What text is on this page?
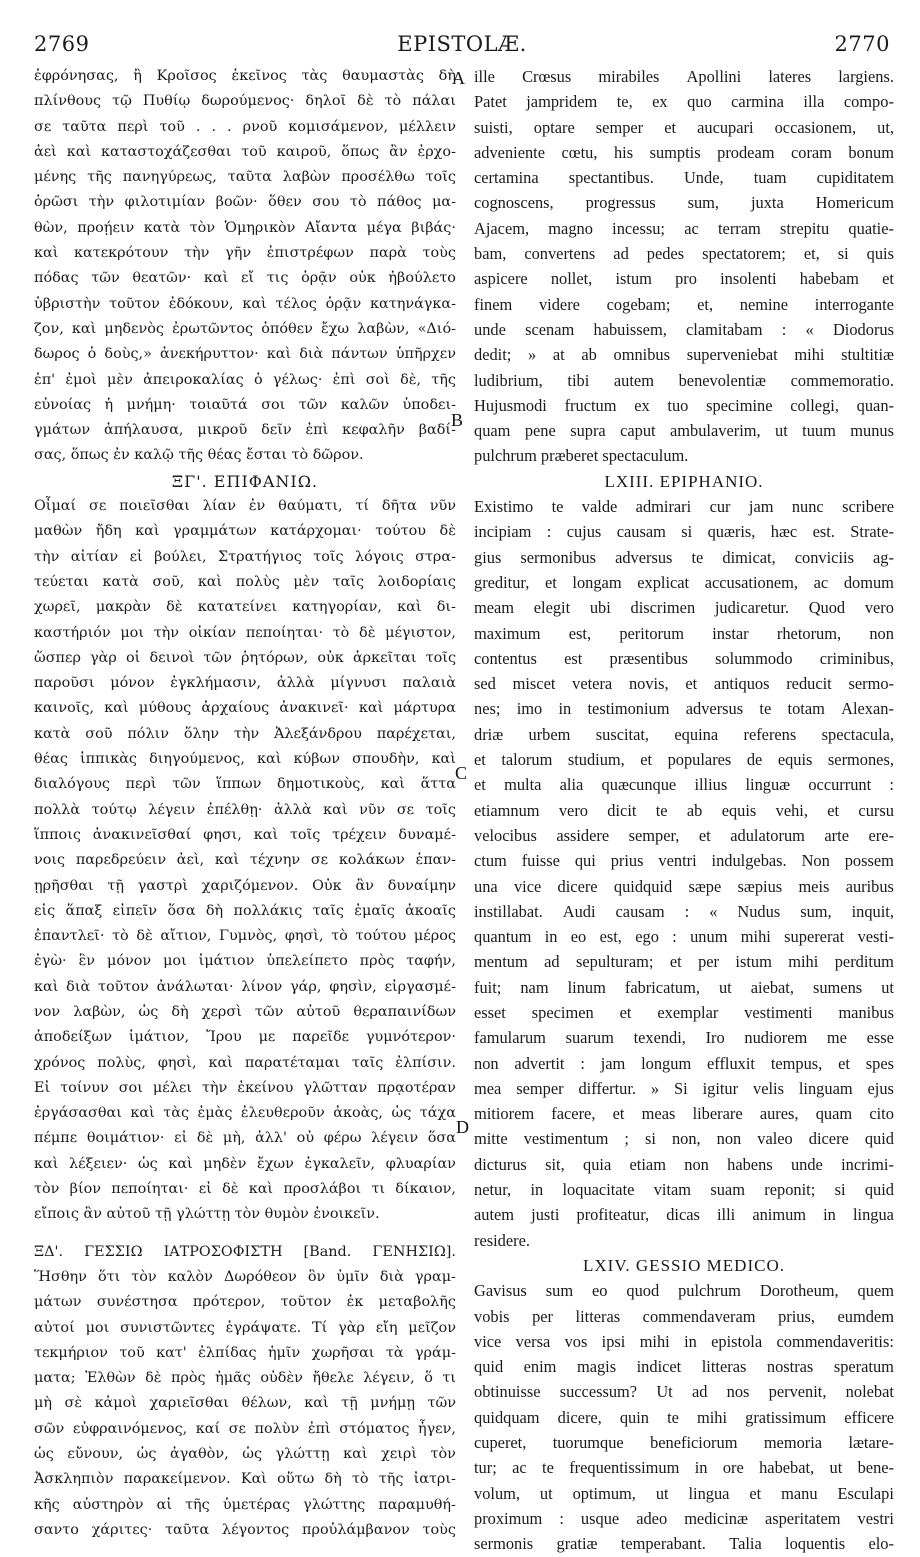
2769	EPISTOLÆ.	2770
ἐφρόνησας, ἢ Κροῖσος ἐκεῖνος τὰς θαυμαστὰς δὴ
πλίνθους τῷ Πυθίῳ δωρούμενος· δηλοῖ δὲ τὸ πάλαι
σε ταῦτα περὶ τοῦ . . . ρνοῦ κομισάμενον, μέλλειν
ἀεὶ καὶ καταστοχάζεσθαι τοῦ καιροῦ, ὅπως ἂν ἐρχο-
μένης τῆς πανηγύρεως, ταῦτα λαβὼν προσέλθω τοῖς
ὁρῶσι τὴν φιλοτιμίαν βοῶν· ὅθεν σου τὸ πάθος μα-
θὼν, προῄειν κατὰ τὸν Ὁμηρικὸν Αἴαντα μέγα βιβάς·
καὶ κατεκρότουν τὴν γῆν ἐπιστρέφων παρὰ τοὺς
πόδας τῶν θεατῶν· καὶ εἴ τις ὁρᾷν οὐκ ἠβούλετο
ὑβριστὴν τοῦτον ἐδόκουν, καὶ τέλος ὁρᾷν κατηνάγκα-
ζον, καὶ μηδενὸς ἐρωτῶντος ὁπόθεν ἔχω λαβὼν, «Διό-
δωρος ὁ δοὺς,» ἀνεκήρυττον· καὶ διὰ πάντων ὑπῆρχεν
ἐπ' ἐμοὶ μὲν ἀπειροκαλίας ὁ γέλως· ἐπὶ σοὶ δὲ, τῆς
εὐνοίας ἡ μνήμη· τοιαῦτά σοι τῶν καλῶν ὑποδει-
γμάτων ἀπήλαυσα, μικροῦ δεῖν ἐπὶ κεφαλῆν βαδί-
σας, ὅπως ἐν καλῷ τῆς θέας ἔσται τὸ δῶρον.
ΞΓ'. ΕΠΙΦΑΝΙΩ.
Οἶμαί σε ποιεῖσθαι λίαν ἐν θαύματι, τί δῆτα νῦν
μαθὼν ἤδη καὶ γραμμάτων κατάρχομαι· τούτου δὲ
τὴν αἰτίαν εἰ βούλει, Στρατήγιος τοῖς λόγοις στρα-
τεύεται κατὰ σοῦ, καὶ πολὺς μὲν ταῖς λοιδορίαις
χωρεῖ, μακρὰν δὲ κατατείνει κατηγορίαν, καὶ δι-
καστήριόν μοι τὴν οἰκίαν πεποίηται· τὸ δὲ μέγιστον,
ὥσπερ γὰρ οἱ δεινοὶ τῶν ῥητόρων, οὐκ ἀρκεῖται τοῖς
παροῦσι μόνον ἐγκλήμασιν, ἀλλὰ μίγνυσι παλαιὰ
καινοῖς, καὶ μύθους ἀρχαίους ἀνακινεῖ· καὶ μάρτυρα
κατὰ σοῦ πόλιν ὅλην τὴν Ἀλεξάνδρου παρέχεται,
θέας ἱππικὰς διηγούμενος, καὶ κύβων σπουδὴν, καὶ
διαλόγους περὶ τῶν ἵππων δημοτικοὺς, καὶ ἅττα
πολλὰ τούτῳ λέγειν ἐπέλθῃ· ἀλλὰ καὶ νῦν σε τοῖς
ἵπποις ἀνακινεῖσθαί φησι, καὶ τοῖς τρέχειν δυναμέ-
νοις παρεδρεύειν ἀεὶ, καὶ τέχνην σε κολάκων ἐπαν-
ῃρῆσθαι τῇ γαστρὶ χαριζόμενον. Οὐκ ἂν δυναίμην
εἰς ἅπαξ εἰπεῖν ὅσα δὴ πολλάκις ταῖς ἐμαῖς ἀκοαῖς
ἐπαντλεῖ· τὸ δὲ αἴτιον, Γυμνὸς, φησὶ, τὸ τούτου μέρος
ἐγὼ· ἓν μόνον μοι ἱμάτιον ὑπελείπετο πρὸς ταφήν,
καὶ διὰ τοῦτον ἀνάλωται· λίνον γάρ, φησὶν, εἰργασμέ-
νον λαβὼν, ὡς δὴ χερσὶ τῶν αὐτοῦ θεραπαινίδων
ἀποδείξων ἱμάτιον, Ἴρου με παρεῖδε γυμνότερον·
χρόνος πολὺς, φησὶ, καὶ παρατέταμαι ταῖς ἐλπίσιν.
Εἰ τοίνυν σοι μέλει τὴν ἐκείνου γλῶτταν πρᾳοτέραν
ἐργάσασθαι καὶ τὰς ἐμὰς ἐλευθεροῦν ἀκοὰς, ὡς τάχα
πέμπε θοιμάτιον· εἰ δὲ μὴ, ἀλλ' οὐ φέρω λέγειν ὅσα
καὶ λέξειεν· ὡς καὶ μηδὲν ἔχων ἐγκαλεῖν, φλυαρίαν
τὸν βίον πεποίηται· εἰ δὲ καὶ προσλάβοι τι δίκαιον,
εἴποις ἂν αὐτοῦ τῇ γλώττῃ τὸν θυμὸν ἐνοικεῖν.
ΞΔ'. ΓΕΣΣΙΩ ΙΑΤΡΟΣΟΦΙΣΤΗ [Band. ΓΕΝΗΣΙΩ].
Ἥσθην ὅτι τὸν καλὸν Δωρόθεον ὃν ὑμῖν διὰ γραμ-
μάτων συνέστησα πρότερον, τοῦτον ἐκ μεταβολῆς
αὐτοί μοι συνιστῶντες ἐγράψατε. Τί γὰρ εἴη μεῖζον
τεκμήριον τοῦ κατ' ἐλπίδας ἡμῖν χωρῆσαι τὰ γράμ-
ματα; Ἐλθὼν δὲ πρὸς ἡμᾶς οὐδὲν ἤθελε λέγειν, ὅ τι
μὴ σὲ κἀμοὶ χαριεῖσθαι θέλων, καὶ τῇ μνήμῃ τῶν
σῶν εὐφραινόμενος, καί σε πολὺν ἐπὶ στόματος ἦγεν,
ὡς εὔνουν, ὡς ἀγαθὸν, ὡς γλώττῃ καὶ χειρὶ τὸν
Ἀσκληπιὸν παρακείμενον. Καὶ οὕτω δὴ τὸ τῆς ἰατρι-
κῆς αὐστηρὸν αἱ τῆς ὑμετέρας γλώττης παραμυθή-
σαντο χάριτες· ταῦτα λέγοντος προὐλάμβανον τοὺς
ille Crœsus mirabiles Apollini lateres largiens.
Patet jampridem te, ex quo carmina illa compo-
suisti, optare semper et aucupari occasionem, ut,
adveniente cœtu, his sumptis prodeam coram bonum
certamina spectantibus. Unde, tuam cupiditatem
cognoscens, progressus sum, juxta Homericum
Ajacem, magno incessu; ac terram strepitu quatie-
bam, convertens ad pedes spectatorem; et, si quis
aspicere nollet, istum pro insolenti habebam et
finem videre cogebam; et, nemine interrogante
unde scenam habuissem, clamitabam : « Diodorus
dedit; » at ab omnibus superveniebat mihi stultitiæ
ludibrium, tibi autem benevolentiæ commemoratio.
Hujusmodi fructum ex tuo specimine collegi, quan-
quam pene supra caput ambulaverim, ut tuum munus
pulchrum præberet spectaculum.
LXIII. EPIPHANIO.
Existimo te valde admirari cur jam nunc scribere
incipiam : cujus causam si quæris, hæc est. Strate-
gius sermonibus adversus te dimicat, conviciis ag-
greditur, et longam explicat accusationem, ac domum
meam elegit ubi discrimen judicaretur. Quod vero
maximum est, peritorum instar rhetorum, non
contentus est præsentibus solummodo criminibus,
sed miscet vetera novis, et antiquos reducit sermo-
nes; imo in testimonium adversus te totam Alexan-
driæ urbem suscitat, equina referens spectacula,
et talorum studium, et populares de equis sermones,
et multa alia quæcunque illius linguæ occurrunt :
etiamnum vero dicit te ab equis vehi, et cursu
velocibus assidere semper, et adulatorum arte ere-
ctum fuisse qui prius ventri indulgebas. Non possem
una vice dicere quidquid sæpe sæpius meis auribus
instillabat. Audi causam : « Nudus sum, inquit,
quantum in eo est, ego : unum mihi supererat vesti-
mentum ad sepulturam; et per istum mihi perditum
fuit; nam linum fabricatum, ut aiebat, sumens ut
esset specimen et exemplar vestimenti manibus
famularum suarum texendi, Iro nudiorem me esse
non advertit : jam longum effluxit tempus, et spes
mea semper differtur. » Si igitur velis linguam ejus
mitiorem facere, et meas liberare aures, quam cito
mitte vestimentum ; si non, non valeo dicere quid
dicturus sit, quia etiam non habens unde incrimi-
netur, in loquacitate vitam suam reponit; si quid
autem justi profiteatur, dicas illi animum in lingua
residere.
LXIV. GESSIO MEDICO.
Gavisus sum eo quod pulchrum Dorotheum, quem
vobis per litteras commendaveram prius, eumdem
vice versa vos ipsi mihi in epistola commendaveritis:
quid enim magis indicet litteras nostras speratum
obtinuisse successum? Ut ad nos pervenit, nolebat
quidquam dicere, quin te mihi gratissimum efficere
cuperet, tuorumque beneficiorum memoria lætare-
tur; ac te frequentissimum in ore habebat, ut bene-
volum, ut optimum, ut lingua et manu Esculapi
proximum : usque adeo medicinæ asperitatem vestri
sermonis gratiæ temperabant. Talia loquentis elo-
A
B
C
D
